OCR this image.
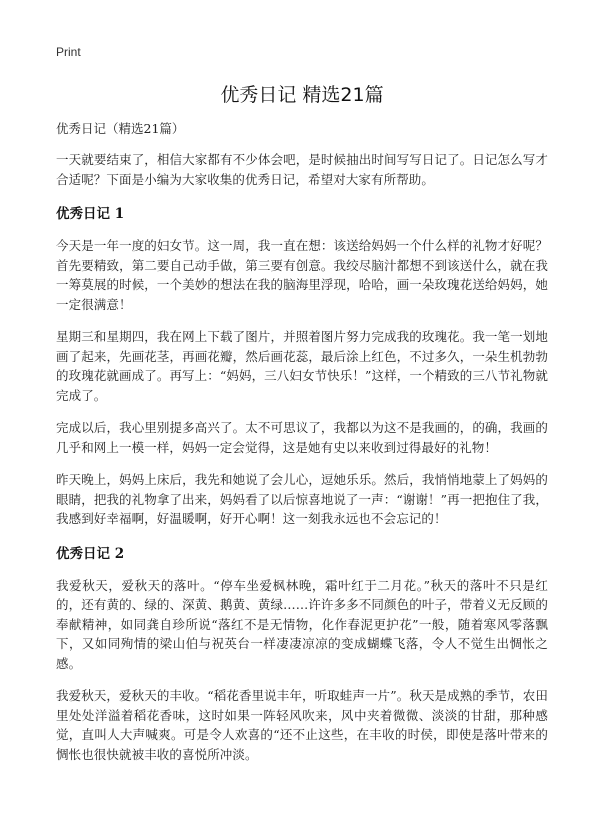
Print
优秀日记 精选21篇
优秀日记（精选21篇）

一天就要结束了，相信大家都有不少体会吧，是时候抽出时间写写日记了。日记怎么写才合适呢？下面是小编为大家收集的优秀日记，希望对大家有所帮助。

优秀日记 1

今天是一年一度的妇女节。这一周，我一直在想：该送给妈妈一个什么样的礼物才好呢？首先要精致，第二要自己动手做，第三要有创意。我绞尽脑汁都想不到该送什么，就在我一筹莫展的时候，一个美妙的想法在我的脑海里浮现，哈哈，画一朵玫瑰花送给妈妈，她一定很满意！

星期三和星期四，我在网上下载了图片，并照着图片努力完成我的玫瑰花。我一笔一划地画了起来，先画花茎，再画花瓣，然后画花蕊，最后涂上红色，不过多久，一朵生机勃勃的玫瑰花就画成了。再写上：“妈妈，三八妇女节快乐！”这样，一个精致的三八节礼物就完成了。

完成以后，我心里别提多高兴了。太不可思议了，我都以为这不是我画的，的确，我画的几乎和网上一模一样，妈妈一定会觉得，这是她有史以来收到过得最好的礼物！

昨天晚上，妈妈上床后，我先和她说了会儿心，逗她乐乐。然后，我悄悄地蒙上了妈妈的眼睛，把我的礼物拿了出来，妈妈看了以后惊喜地说了一声：“谢谢！”再一把抱住了我，我感到好幸福啊，好温暖啊，好开心啊！这一刻我永远也不会忘记的！

优秀日记 2

我爱秋天，爱秋天的落叶。“停车坐爱枫林晚，霜叶红于二月花。”秋天的落叶不只是红的，还有黄的、绿的、深黄、鹅黄、黄绿……许许多多不同颜色的叶子，带着义无反顾的奉献精神，如同龚自珍所说“落红不是无情物，化作春泥更护花”一般，随着寒风零落飘下，又如同殉情的梁山伯与祝英台一样凄凄凉凉的变成蝴蝶飞落，令人不觉生出惆怅之感。

我爱秋天，爱秋天的丰收。“稻花香里说丰年，听取蛙声一片”。秋天是成熟的季节，农田里处处洋溢着稻花香味，这时如果一阵轻风吹来，风中夹着微微、淡淡的甘甜，那种感觉，直叫人大声喊爽。可是令人欢喜的“还不止这些，在丰收的时侯，即使是落叶带来的惆怅也很快就被丰收的喜悦所冲淡。
